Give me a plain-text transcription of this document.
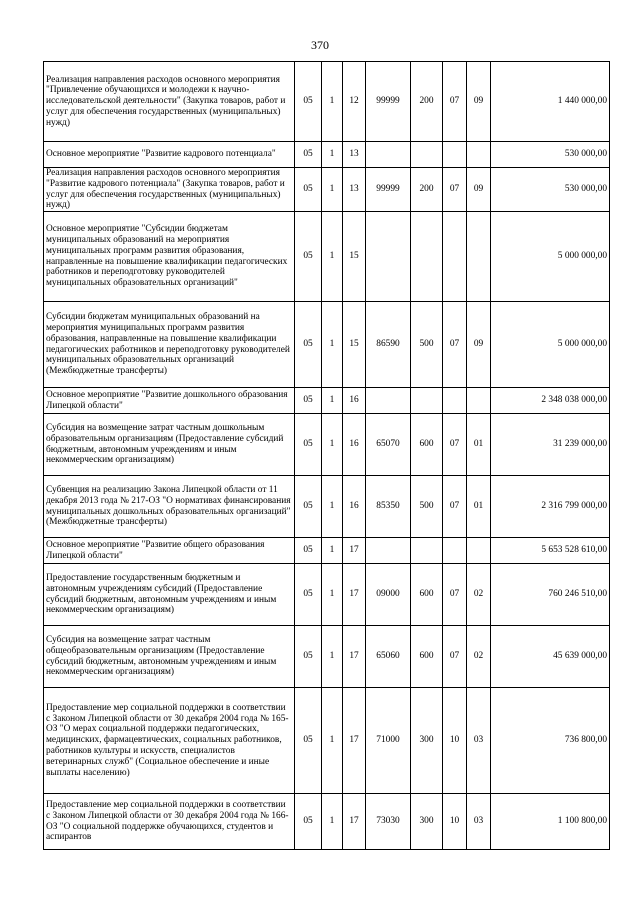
370
Реализация направления расходов основного мероприятия "Привлечение обучающихся и молодежи к научно-исследовательской деятельности" (Закупка товаров, работ и услуг для обеспечения государственных (муниципальных) нужд)	05	1	12	99999	200	07	09	1 440 000,00
Основное мероприятие "Развитие кадрового потенциала"	05	1	13					530 000,00
Реализация направления расходов основного мероприятия "Развитие кадрового потенциала" (Закупка товаров, работ и услуг для обеспечения государственных (муниципальных) нужд)	05	1	13	99999	200	07	09	530 000,00
Основное мероприятие "Субсидии бюджетам муниципальных образований на мероприятия муниципальных программ развития образования, направленные на повышение квалификации педагогических работников и переподготовку руководителей муниципальных образовательных организаций"	05	1	15					5 000 000,00
Субсидии бюджетам муниципальных образований на мероприятия муниципальных программ развития образования, направленные на повышение квалификации педагогических работников и переподготовку руководителей муниципальных образовательных организаций (Межбюджетные трансферты)	05	1	15	86590	500	07	09	5 000 000,00
Основное мероприятие "Развитие дошкольного образования Липецкой области"	05	1	16					2 348 038 000,00
Субсидия на возмещение затрат частным дошкольным образовательным организациям (Предоставление субсидий бюджетным, автономным учреждениям и иным некоммерческим организациям)	05	1	16	65070	600	07	01	31 239 000,00
Субвенция на реализацию Закона Липецкой области от 11 декабря 2013 года № 217-ОЗ "О нормативах финансирования муниципальных дошкольных образовательных организаций" (Межбюджетные трансферты)	05	1	16	85350	500	07	01	2 316 799 000,00
Основное мероприятие "Развитие общего образования Липецкой области"	05	1	17					5 653 528 610,00
Предоставление государственным бюджетным и автономным учреждениям субсидий (Предоставление субсидий бюджетным, автономным учреждениям и иным некоммерческим организациям)	05	1	17	09000	600	07	02	760 246 510,00
Субсидия на возмещение затрат частным общеобразовательным организациям (Предоставление субсидий бюджетным, автономным учреждениям и иным некоммерческим организациям)	05	1	17	65060	600	07	02	45 639 000,00
Предоставление мер социальной поддержки в соответствии с Законом Липецкой области от 30 декабря 2004 года № 165-ОЗ "О мерах социальной поддержки педагогических, медицинских, фармацевтических, социальных работников, работников культуры и искусств, специалистов ветеринарных служб" (Социальное обеспечение и иные выплаты населению)	05	1	17	71000	300	10	03	736 800,00
Предоставление мер социальной поддержки в соответствии с Законом Липецкой области от 30 декабря 2004 года № 166-ОЗ "О социальной поддержке обучающихся, студентов и аспирантов	05	1	17	73030	300	10	03	1 100 800,00
